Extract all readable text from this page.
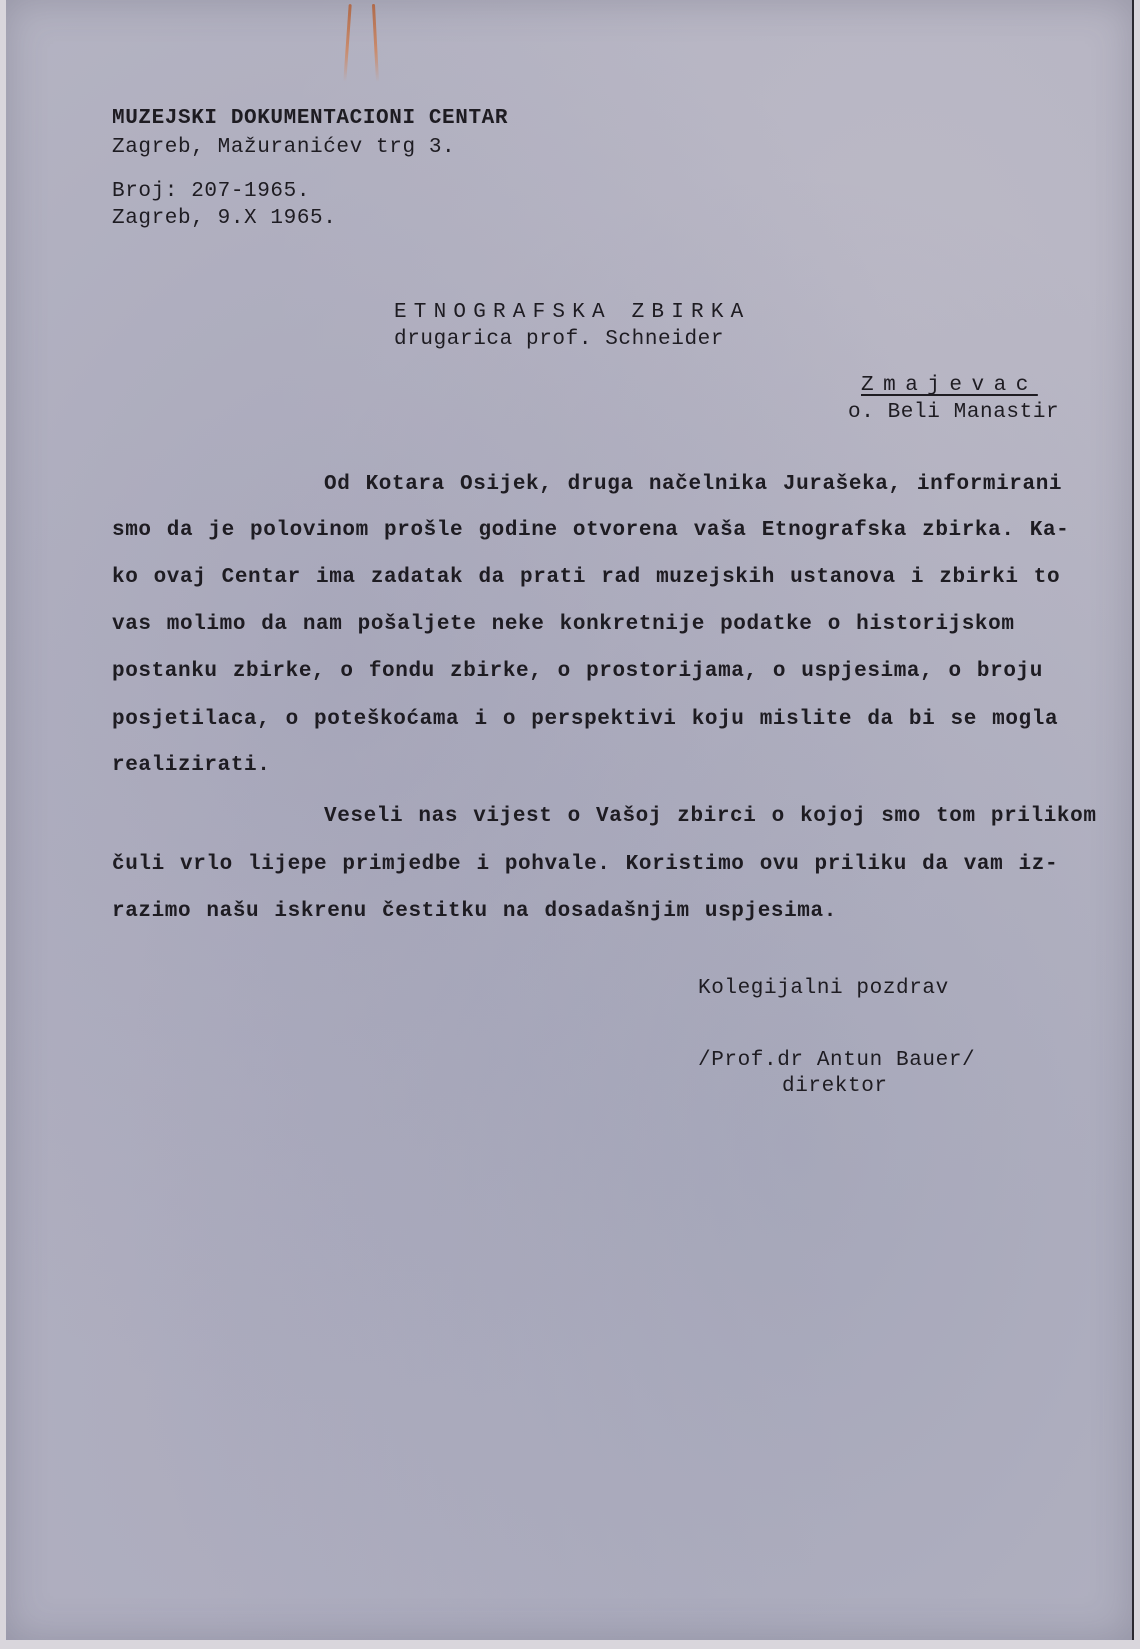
MUZEJSKI DOKUMENTACIONI CENTAR
Zagreb, Mažuranićev trg 3.
Broj: 207-1965.
Zagreb, 9.X 1965.
ETNOGRAFSKA ZBIRKA
drugarica prof. Schneider
Zmajevac
o. Beli Manastir
Od Kotara Osijek, druga načelnika Jurašeka, informirani
smo da je polovinom prošle godine otvorena vaša Etnografska zbirka. Ka-
ko ovaj Centar ima zadatak da prati rad muzejskih ustanova i zbirki to
vas molimo da nam pošaljete neke konkretnije podatke o historijskom
postanku zbirke, o fondu zbirke, o prostorijama, o uspjesima, o broju
posjetilaca, o poteškoćama i o perspektivi koju mislite da bi se mogla
realizirati.
Veseli nas vijest o Vašoj zbirci o kojoj smo tom prilikom
čuli vrlo lijepe primjedbe i pohvale. Koristimo ovu priliku da vam iz-
razimo našu iskrenu čestitku na dosadašnjim uspjesima.
Kolegijalni pozdrav
/Prof.dr Antun Bauer/
direktor
